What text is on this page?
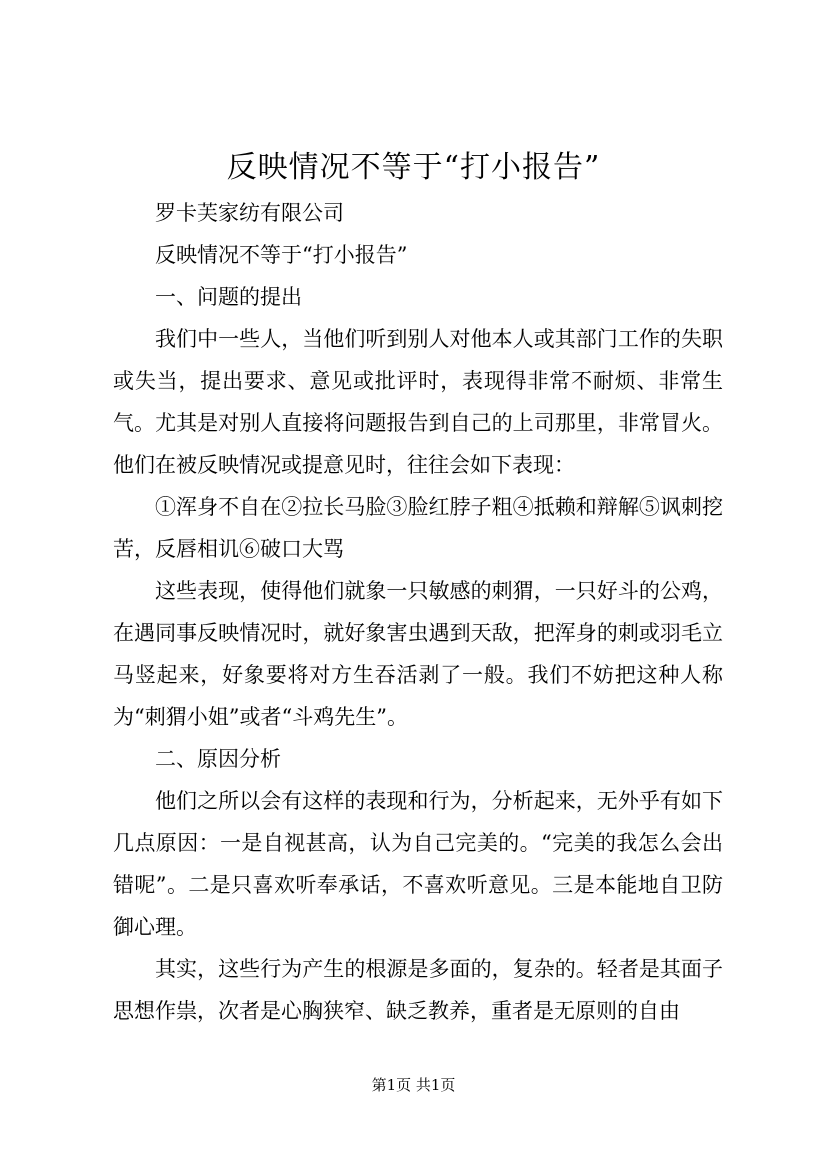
反映情况不等于“打小报告”

罗卡芙家纺有限公司

反映情况不等于“打小报告”

一、问题的提出

我们中一些人，当他们听到别人对他本人或其部门工作的失职或失当，提出要求、意见或批评时，表现得非常不耐烦、非常生气。尤其是对别人直接将问题报告到自己的上司那里，非常冒火。他们在被反映情况或提意见时，往往会如下表现：

①浑身不自在②拉长马脸③脸红脖子粗④抵赖和辩解⑤讽刺挖苦，反唇相讥⑥破口大骂

这些表现，使得他们就象一只敏感的刺猬，一只好斗的公鸡，在遇同事反映情况时，就好象害虫遇到天敌，把浑身的刺或羽毛立马竖起来，好象要将对方生吞活剥了一般。我们不妨把这种人称为“刺猬小姐”或者“斗鸡先生”。

二、原因分析

他们之所以会有这样的表现和行为，分析起来，无外乎有如下几点原因：一是自视甚高，认为自己完美的。“完美的我怎么会出错呢”。二是只喜欢听奉承话，不喜欢听意见。三是本能地自卫防御心理。

其实，这些行为产生的根源是多面的，复杂的。轻者是其面子思想作祟，次者是心胸狭窄、缺乏教养，重者是无原则的自由

第1页 共1页
